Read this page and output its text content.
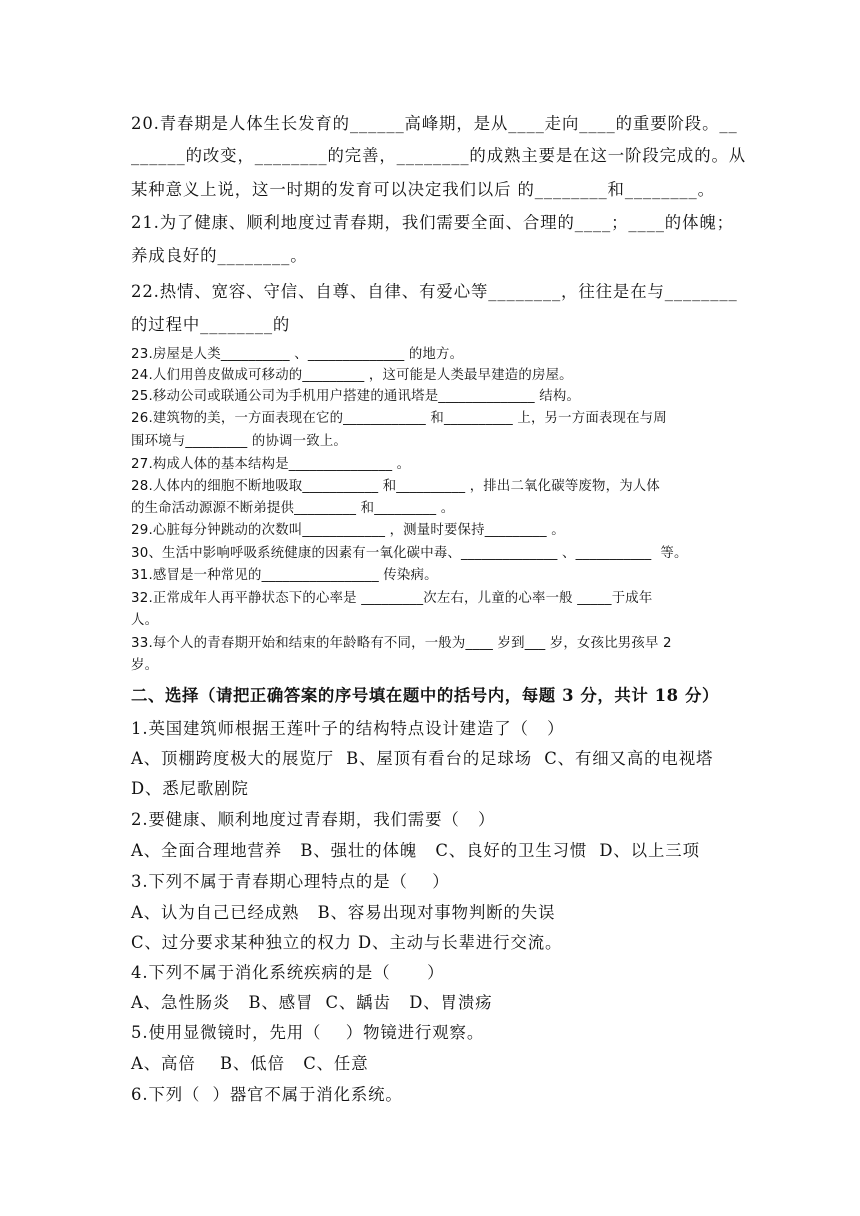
20.青春期是人体生长发育的______高峰期，是从____走向____的重要阶段。__
______的改变，________的完善，________的成熟主要是在这一阶段完成的。从
某种意义上说，这一时期的发育可以决定我们以后 的________和________。
21.为了健康、顺利地度过青春期，我们需要全面、合理的____；____的体魄；
养成良好的________。
22.热情、宽容、守信、自尊、自律、有爱心等________，往往是在与________
的过程中________的
23.房屋是人类__________ 、______________ 的地方。
24.人们用兽皮做成可移动的_________ ，这可能是人类最早建造的房屋。
25.移动公司或联通公司为手机用户搭建的通讯塔是______________ 结构。
26.建筑物的美，一方面表现在它的____________ 和__________ 上，另一方面表现在与周
围环境与_________ 的协调一致上。
27.构成人体的基本结构是_______________ 。
28.人体内的细胞不断地吸取___________ 和__________ ，排出二氧化碳等废物，为人体
的生命活动源源不断弟提供_________ 和_________ 。
29.心脏每分钟跳动的次数叫____________ ，测量时要保持_________ 。
30、生活中影响呼吸系统健康的因素有一氧化碳中毒、______________ 、___________  等。
31.感冒是一种常见的_________________ 传染病。
32.正常成年人再平静状态下的心率是 _________次左右，儿童的心率一般 _____于成年
人。
33.每个人的青春期开始和结束的年龄略有不同，一般为____ 岁到___ 岁，女孩比男孩早 2
岁。
二、选择（请把正确答案的序号填在题中的括号内，每题 3 分，共计 18 分）
1.英国建筑师根据王莲叶子的结构特点设计建造了（   ）
A、顶棚跨度极大的展览厅  B、屋顶有看台的足球场  C、有细又高的电视塔
D、悉尼歌剧院
2.要健康、顺利地度过青春期，我们需要（   ）
A、全面合理地营养   B、强壮的体魄   C、良好的卫生习惯  D、以上三项
3.下列不属于青春期心理特点的是（    ）
A、认为自己已经成熟   B、容易出现对事物判断的失误
C、过分要求某种独立的权力 D、主动与长辈进行交流。
4.下列不属于消化系统疾病的是（      ）
A、急性肠炎   B、感冒  C、龋齿   D、胃溃疡
5.使用显微镜时，先用（    ）物镜进行观察。
A、高倍    B、低倍   C、任意
6.下列（  ）器官不属于消化系统。
